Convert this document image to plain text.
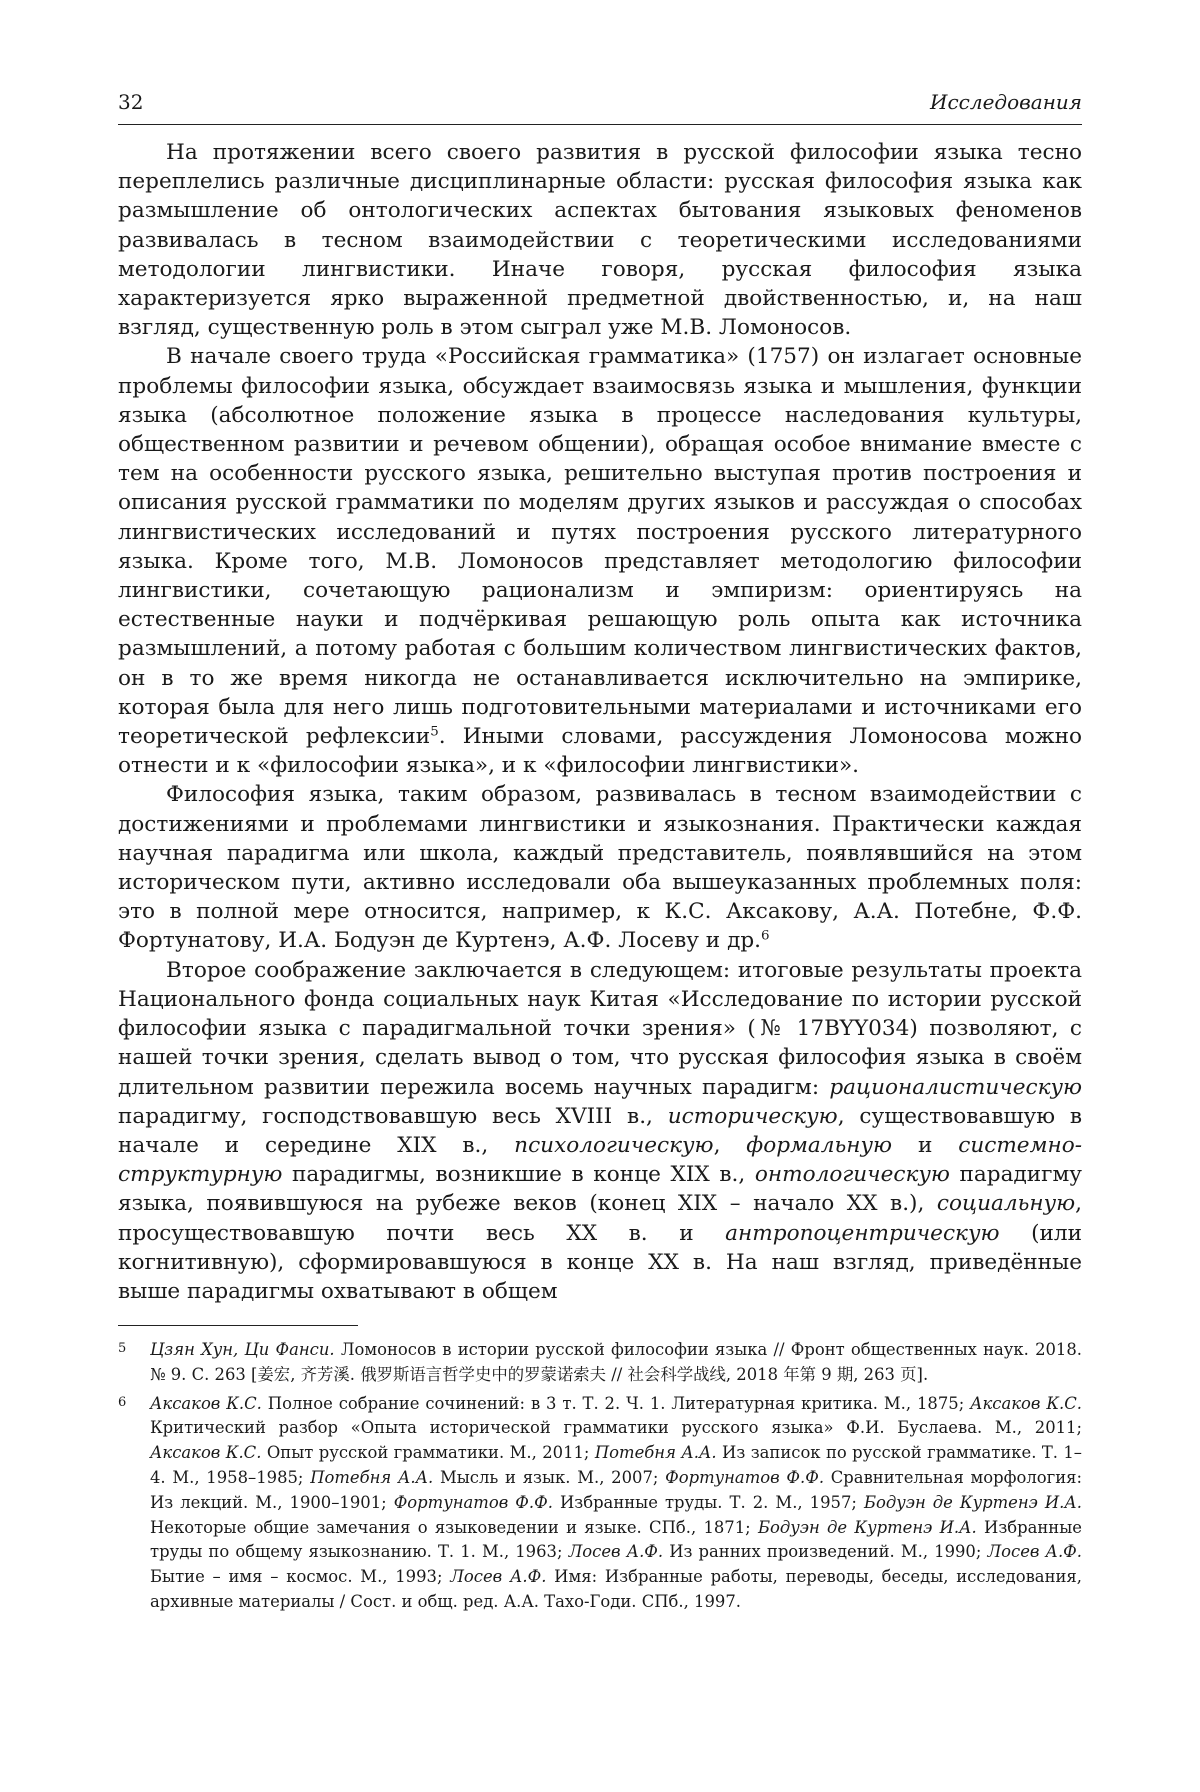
32	Исследования

На протяжении всего своего развития в русской философии языка тесно переплелись различные дисциплинарные области: русская философия языка как размышление об онтологических аспектах бытования языковых феноменов развивалась в тесном взаимодействии с теоретическими исследованиями методологии лингвистики. Иначе говоря, русская философия языка характеризуется ярко выраженной предметной двойственностью, и, на наш взгляд, существенную роль в этом сыграл уже М.В. Ломоносов.

В начале своего труда «Российская грамматика» (1757) он излагает основные проблемы философии языка, обсуждает взаимосвязь языка и мышления, функции языка (абсолютное положение языка в процессе наследования культуры, общественном развитии и речевом общении), обращая особое внимание вместе с тем на особенности русского языка, решительно выступая против построения и описания русской грамматики по моделям других языков и рассуждая о способах лингвистических исследований и путях построения русского литературного языка. Кроме того, М.В. Ломоносов представляет методологию философии лингвистики, сочетающую рационализм и эмпиризм: ориентируясь на естественные науки и подчёркивая решающую роль опыта как источника размышлений, а потому работая с большим количеством лингвистических фактов, он в то же время никогда не останавливается исключительно на эмпирике, которая была для него лишь подготовительными материалами и источниками его теоретической рефлексии$^5$. Иными словами, рассуждения Ломоносова можно отнести и к «философии языка», и к «философии лингвистики».

Философия языка, таким образом, развивалась в тесном взаимодействии с достижениями и проблемами лингвистики и языкознания. Практически каждая научная парадигма или школа, каждый представитель, появлявшийся на этом историческом пути, активно исследовали оба вышеуказанных проблемных поля: это в полной мере относится, например, к К.С. Аксакову, А.А. Потебне, Ф.Ф. Фортунатову, И.А. Бодуэн де Куртенэ, А.Ф. Лосеву и др.$^6$

Второе соображение заключается в следующем: итоговые результаты проекта Национального фонда социальных наук Китая «Исследование по истории русской философии языка с парадигмальной точки зрения» (№ 17BYY034) позволяют, с нашей точки зрения, сделать вывод о том, что русская философия языка в своём длительном развитии пережила восемь научных парадигм: рационалистическую парадигму, господствовавшую весь XVIII в., историческую, существовавшую в начале и середине XIX в., психологическую, формальную и системно-структурную парадигмы, возникшие в конце XIX в., онтологическую парадигму языка, появившуюся на рубеже веков (конец XIX – начало XX в.), социальную, просуществовавшую почти весь XX в. и антропоцентрическую (или когнитивную), сформировавшуюся в конце XX в. На наш взгляд, приведённые выше парадигмы охватывают в общем

5 Цзян Хун, Ци Фанси. Ломоносов в истории русской философии языка // Фронт общественных наук. 2018. № 9. С. 263 [姜宏, 齐芳溪. 俄罗斯语言哲学史中的罗蒙诺索夫 // 社会科学战线, 2018 年第 9 期, 263 页].
6 Аксаков К.С. Полное собрание сочинений: в 3 т. Т. 2. Ч. 1. Литературная критика. М., 1875; Аксаков К.С. Критический разбор «Опыта исторической грамматики русского языка» Ф.И. Буслаева. М., 2011; Аксаков К.С. Опыт русской грамматики. М., 2011; Потебня А.А. Из записок по русской грамматике. Т. 1–4. М., 1958–1985; Потебня А.А. Мысль и язык. М., 2007; Фортунатов Ф.Ф. Сравнительная морфология: Из лекций. М., 1900–1901; Фортунатов Ф.Ф. Избранные труды. Т. 2. М., 1957; Бодуэн де Куртенэ И.А. Некоторые общие замечания о языковедении и языке. СПб., 1871; Бодуэн де Куртенэ И.А. Избранные труды по общему языкознанию. Т. 1. М., 1963; Лосев А.Ф. Из ранних произведений. М., 1990; Лосев А.Ф. Бытие – имя – космос. М., 1993; Лосев А.Ф. Имя: Избранные работы, переводы, беседы, исследования, архивные материалы / Сост. и общ. ред. А.А. Тахо-Годи. СПб., 1997.
